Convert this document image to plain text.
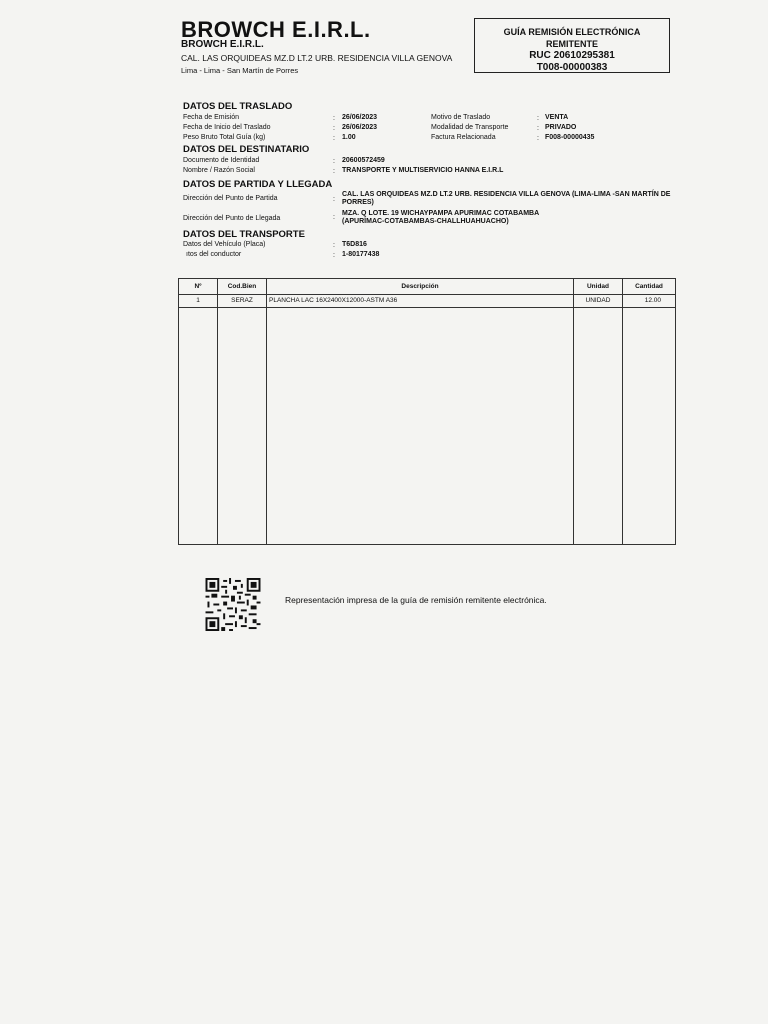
BROWCH E.I.R.L.
BROWCH E.I.R.L.
CAL. LAS ORQUIDEAS MZ.D LT.2 URB. RESIDENCIA VILLA GENOVA
Lima - Lima - San Martín de Porres
GUÍA REMISIÓN ELECTRÓNICA
REMITENTE
RUC 20610295381
T008-00000383
DATOS DEL TRASLADO
Fecha de Emisión	: 26/06/2023
Fecha de Inicio del Traslado	: 26/06/2023
Peso Bruto Total Guía (kg)	: 1.00
Motivo de Traslado	: VENTA
Modalidad de Transporte	: PRIVADO
Factura Relacionada	: F008-00000435
DATOS DEL DESTINATARIO
Documento de Identidad	: 20600572459
Nombre / Razón Social	: TRANSPORTE Y MULTISERVICIO HANNA E.I.R.L
DATOS DE PARTIDA Y LLEGADA
Dirección del Punto de Partida	:
CAL. LAS ORQUIDEAS MZ.D LT.2 URB. RESIDENCIA VILLA GENOVA (LIMA-LIMA -SAN MARTÍN DE PORRES)
Dirección del Punto de Llegada	:
MZA. Q LOTE. 19 WICHAYPAMPA APURIMAC COTABAMBA (APURÍMAC-COTABAMBAS-CHALLHUAHUACHO)
DATOS DEL TRANSPORTE
Datos del Vehículo (Placa)	: T6D816
ıtos del conductor	: 1-80177438
Nº	Cod.Bien	Descripción	Unidad	Cantidad
1	SERAZ	PLANCHA LAC 16X2400X12000-ASTM A36	UNIDAD	12.00

Representación impresa de la guía de remisión remitente electrónica.
